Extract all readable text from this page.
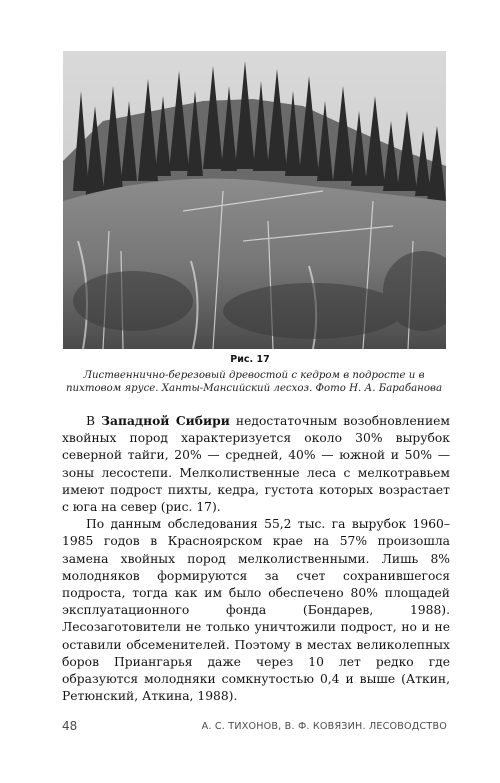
Рис. 17
Лиственнично-березовый древостой с кедром в подросте и в пихтовом ярусе. Ханты-Мансийский лесхоз. Фото Н. А. Барабанова

В Западной Сибири недостаточным возобновлением хвойных пород характеризуется около 30% вырубок северной тайги, 20% — средней, 40% — южной и 50% — зоны лесостепи. Мелколиственные леса с мелкотравьем имеют подрост пихты, кедра, густота которых возрастает с юга на север (рис. 17).

По данным обследования 55,2 тыс. га вырубок 1960–1985 годов в Красноярском крае на 57% произошла замена хвойных пород мелколиственными. Лишь 8% молодняков формируются за счет сохранившегося подроста, тогда как им было обеспечено 80% площадей эксплуатационного фонда (Бондарев, 1988). Лесозаготовители не только уничтожили подрост, но и не оставили обсеменителей. Поэтому в местах великолепных боров Приангарья даже через 10 лет редко где образуются молодняки сомкнутостью 0,4 и выше (Аткин, Ретюнский, Аткина, 1988).

48	А. С. ТИХОНОВ, В. Ф. КОВЯЗИН. ЛЕСОВОДСТВО
